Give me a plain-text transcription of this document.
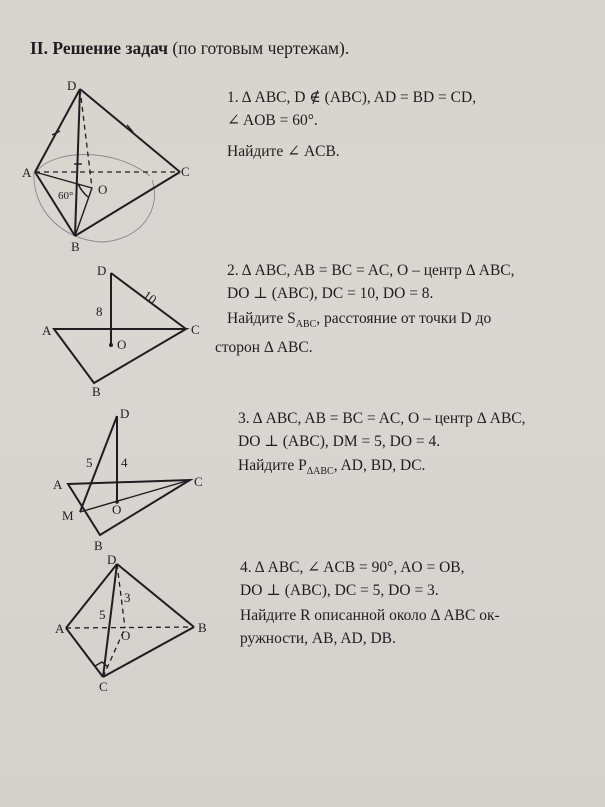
II. Решение задач (по готовым чертежам).
D
A
B
C
O
60°

1. Δ ABC, D ∉ (ABC), AD = BD = CD,

∠ AOB = 60°.

Найдите ∠ ACB.

D
A	C
B
O
8
10

2. Δ ABC, AB = BC = AC, O – центр Δ ABC,

DO ⊥ (ABC), DC = 10, DO = 8.

Найдите $S_{ABC}$, расстояние от точки D до

сторон Δ ABC.

D
A	C
B
M	O
5 4

3. Δ ABC, AB = BC = AC, O – центр Δ ABC,

DO ⊥ (ABC), DM = 5, DO = 4.

Найдите $P_{\Delta ABC}$, AD, BD, DC.

D
A	B
C
O
5
3

4. Δ ABC, ∠ ACB = 90°, AO = OB,

DO ⊥ (ABC), DC = 5, DO = 3.

Найдите R описанной около Δ ABC ок-

ружности, AB, AD, DB.
